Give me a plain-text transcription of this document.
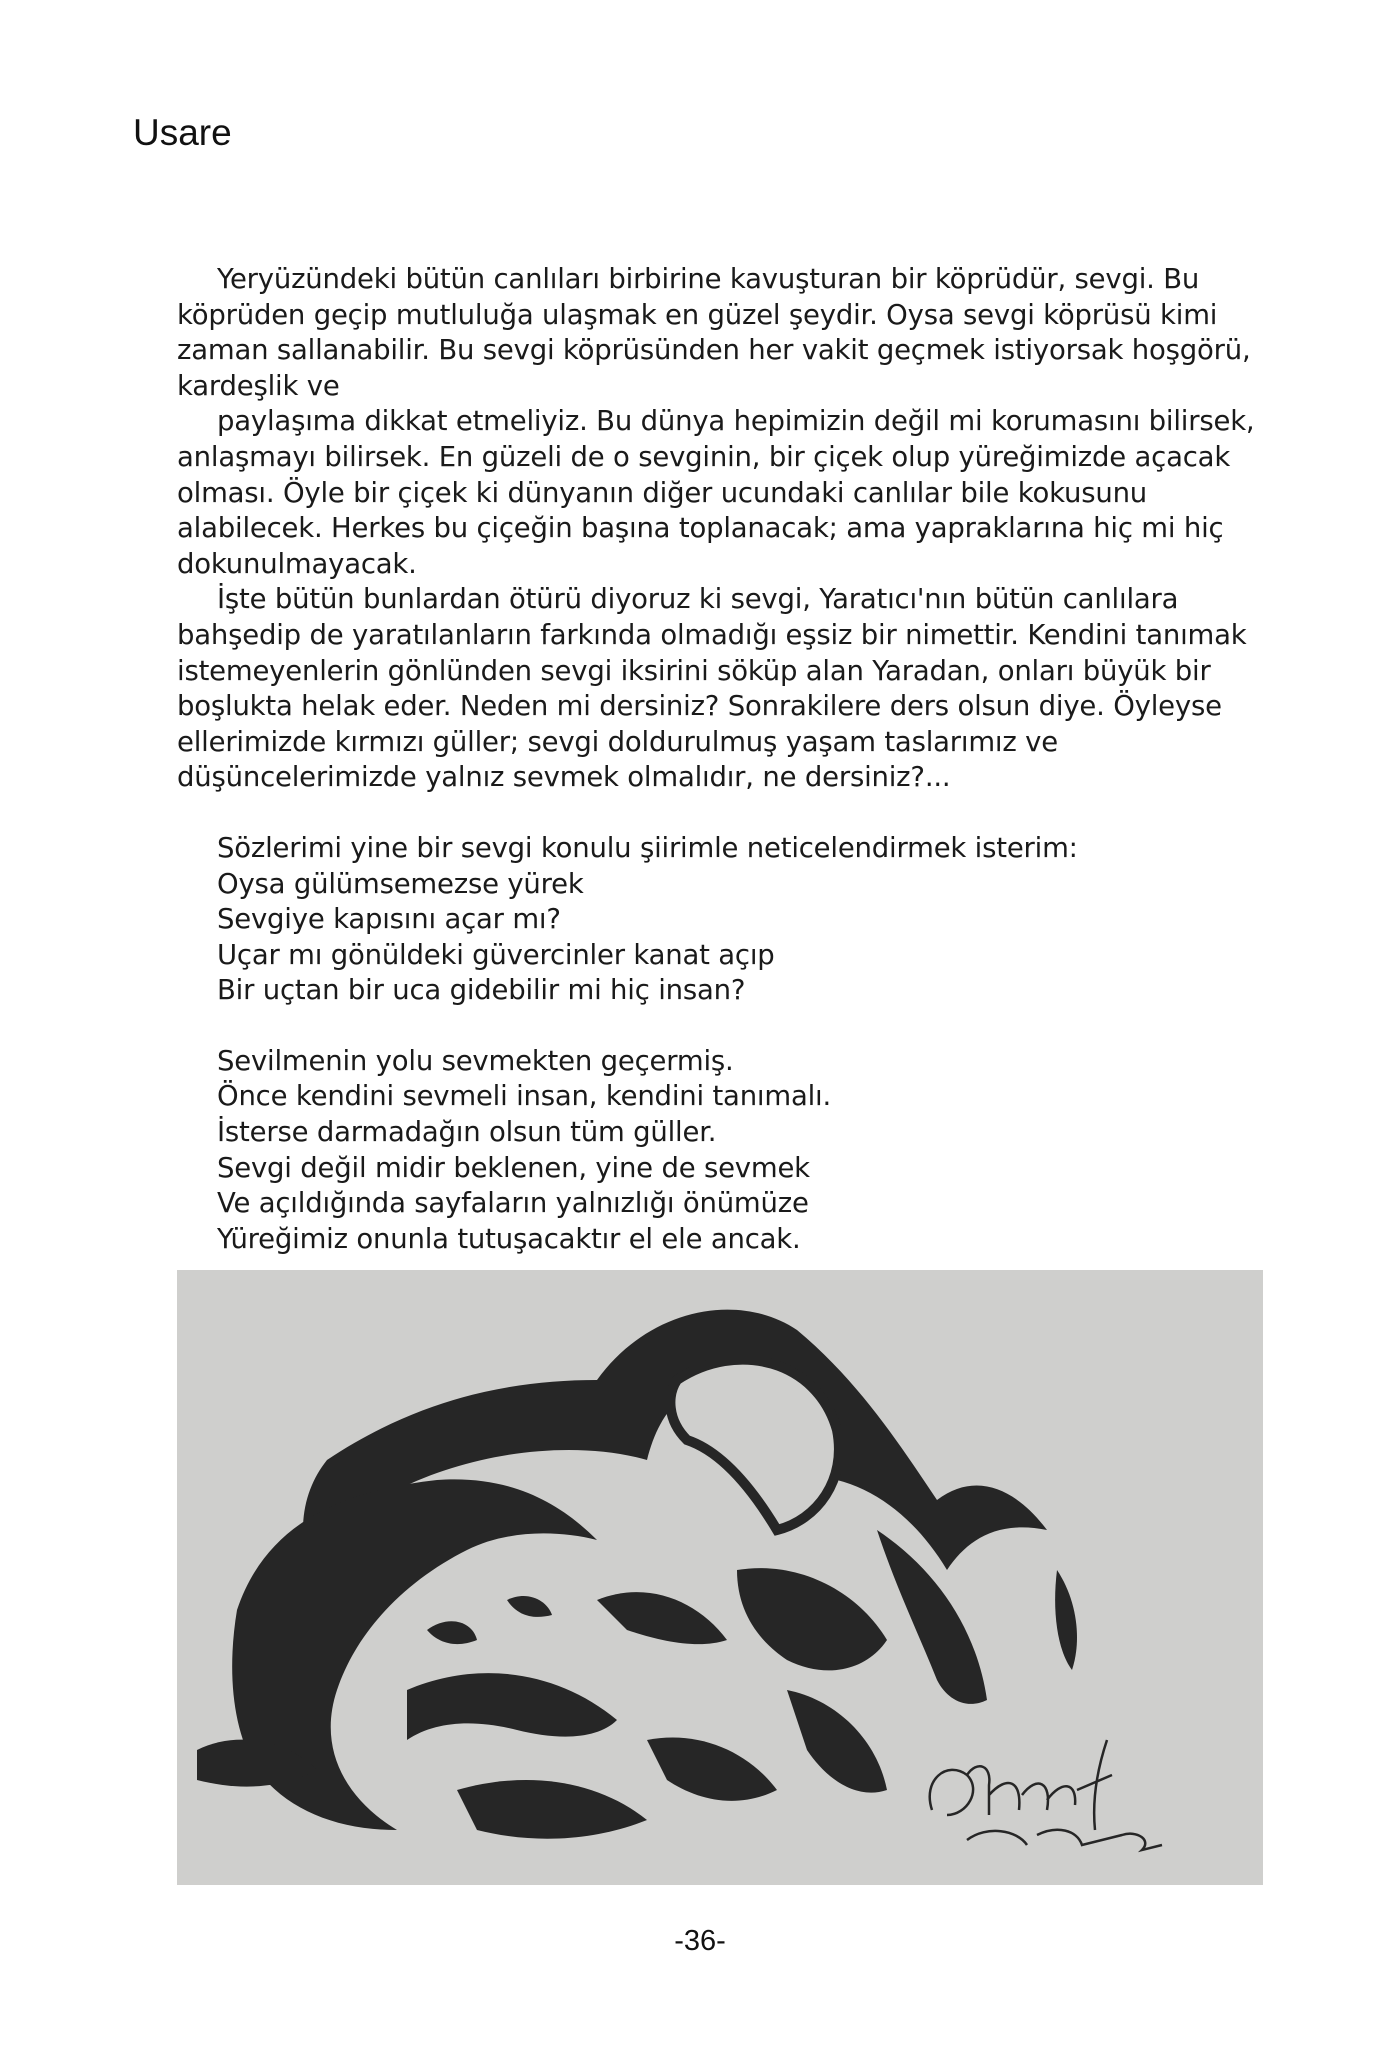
Usare

Yeryüzündeki bütün canlıları birbirine kavuşturan bir köprüdür, sevgi. Bu köprüden geçip mutluluğa ulaşmak en güzel şeydir. Oysa sevgi köprüsü kimi zaman sallanabilir. Bu sevgi köprüsünden her vakit geçmek istiyorsak hoşgörü, kardeşlik ve

paylaşıma dikkat etmeliyiz. Bu dünya hepimizin değil mi korumasını bilirsek, anlaşmayı bilirsek. En güzeli de o sevginin, bir çiçek olup yüreğimizde açacak olması. Öyle bir çiçek ki dünyanın diğer ucundaki canlılar bile kokusunu alabilecek. Herkes bu çiçeğin başına toplanacak; ama yapraklarına hiç mi hiç dokunulmayacak.

İşte bütün bunlardan ötürü diyoruz ki sevgi, Yaratıcı'nın bütün canlılara bahşedip de yaratılanların farkında olmadığı eşsiz bir nimettir. Kendini tanımak istemeyenlerin gönlünden sevgi iksirini söküp alan Yaradan, onları büyük bir boşlukta helak eder. Neden mi dersiniz? Sonrakilere ders olsun diye. Öyleyse ellerimizde kırmızı güller; sevgi doldurulmuş yaşam taslarımız ve düşüncelerimizde yalnız sevmek olmalıdır, ne dersiniz?...

Sözlerimi yine bir sevgi konulu şiirimle neticelendirmek isterim:
Oysa gülümsemezse yürek
Sevgiye kapısını açar mı?
Uçar mı gönüldeki güvercinler kanat açıp
Bir uçtan bir uca gidebilir mi hiç insan?
Sevilmenin yolu sevmekten geçermiş.
Önce kendini sevmeli insan, kendini tanımalı.
İsterse darmadağın olsun tüm güller.
Sevgi değil midir beklenen, yine de sevmek
Ve açıldığında sayfaların yalnızlığı önümüze
Yüreğimiz onunla tutuşacaktır el ele ancak.
-36-
